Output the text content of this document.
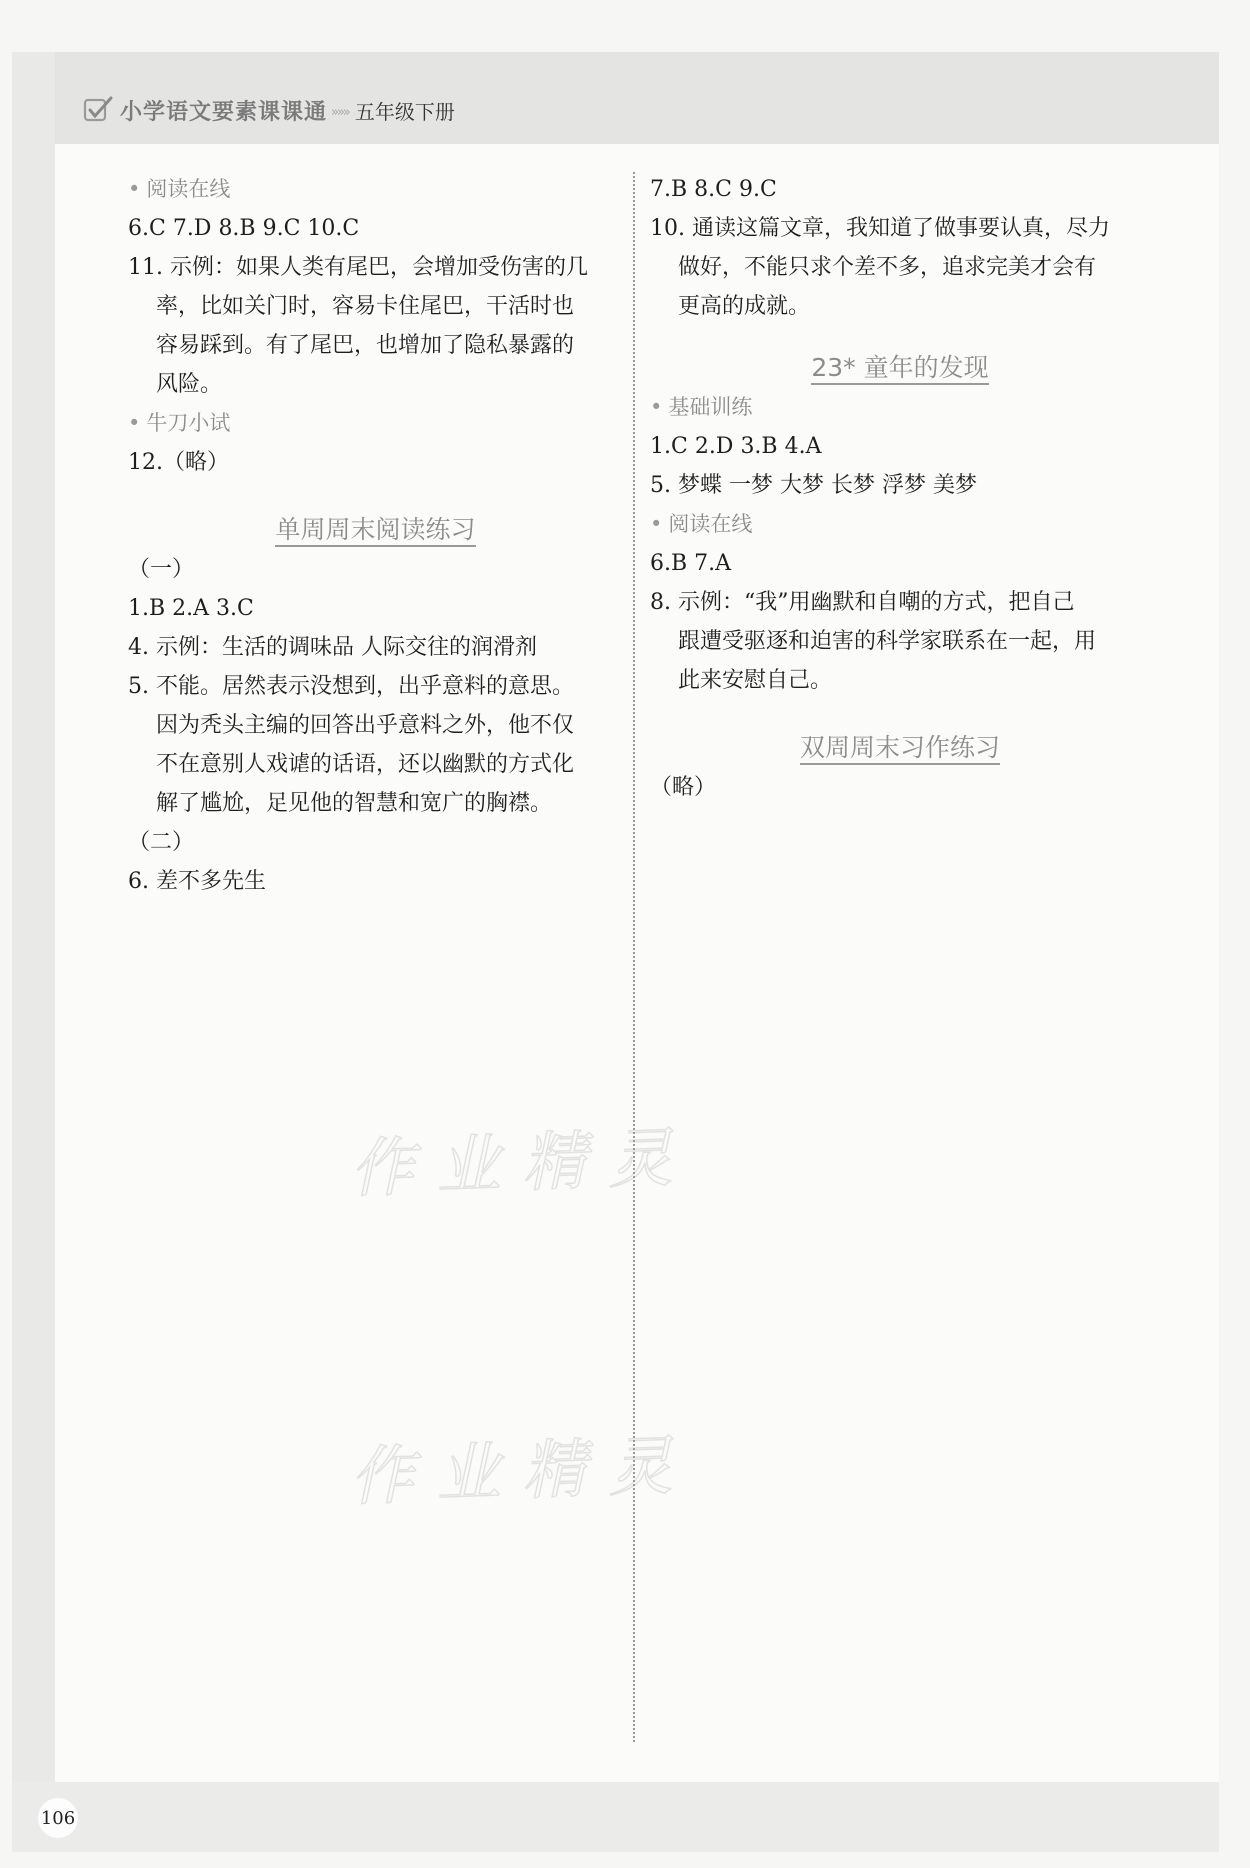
小学语文要素课课通 »»» 五年级下册
• 阅读在线
6.C 7.D 8.B 9.C 10.C
11. 示例：如果人类有尾巴，会增加受伤害的几
率，比如关门时，容易卡住尾巴，干活时也
容易踩到。有了尾巴，也增加了隐私暴露的
风险。
• 牛刀小试
12.（略）
单周周末阅读练习
（一）
1.B 2.A 3.C
4. 示例：生活的调味品 人际交往的润滑剂
5. 不能。居然表示没想到，出乎意料的意思。
因为秃头主编的回答出乎意料之外，他不仅
不在意别人戏谑的话语，还以幽默的方式化
解了尴尬，足见他的智慧和宽广的胸襟。
（二）
6. 差不多先生
7.B 8.C 9.C
10. 通读这篇文章，我知道了做事要认真，尽力
做好，不能只求个差不多，追求完美才会有
更高的成就。
23* 童年的发现
• 基础训练
1.C 2.D 3.B 4.A
5. 梦蝶 一梦 大梦 长梦 浮梦 美梦
• 阅读在线
6.B 7.A
8. 示例：“我”用幽默和自嘲的方式，把自己
跟遭受驱逐和迫害的科学家联系在一起，用
此来安慰自己。
双周周末习作练习
（略）
作业精灵
作业精灵
106
